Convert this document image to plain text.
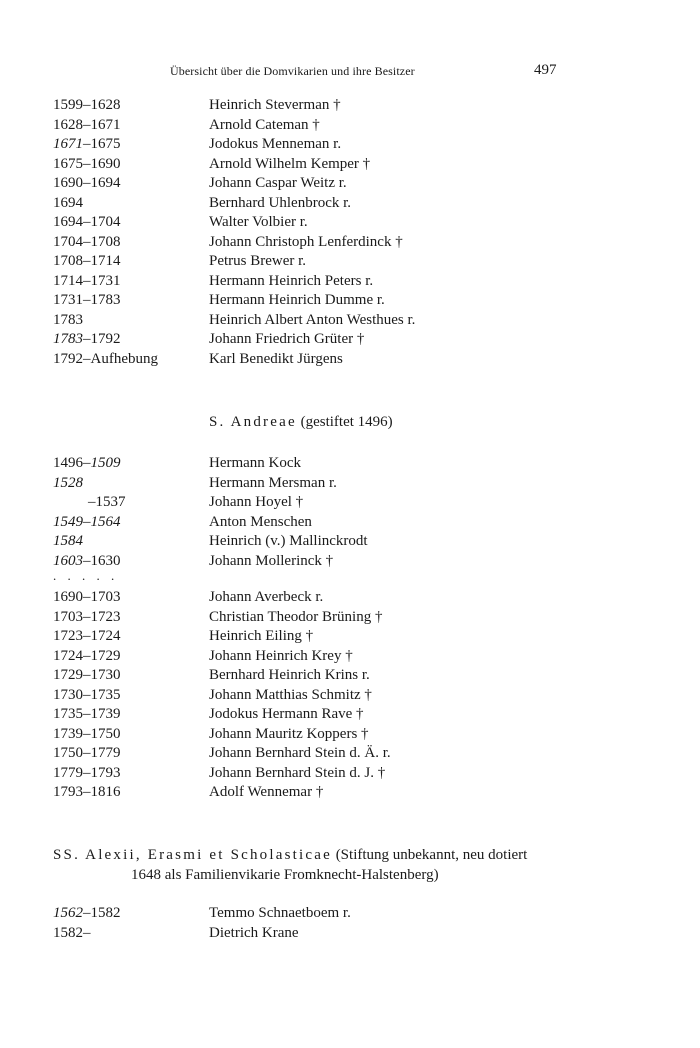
Übersicht über die Domvikarien und ihre Besitzer	497
1599–1628	Heinrich Steverman †
1628–1671	Arnold Cateman †
1671–1675	Jodokus Menneman r.
1675–1690	Arnold Wilhelm Kemper †
1690–1694	Johann Caspar Weitz r.
1694	Bernhard Uhlenbrock r.
1694–1704	Walter Volbier r.
1704–1708	Johann Christoph Lenferdinck †
1708–1714	Petrus Brewer r.
1714–1731	Hermann Heinrich Peters r.
1731–1783	Hermann Heinrich Dumme r.
1783	Heinrich Albert Anton Westhues r.
1783–1792	Johann Friedrich Grüter †
1792–Aufhebung	Karl Benedikt Jürgens
S. Andreae (gestiftet 1496)
1496–1509	Hermann Kock
1528	Hermann Mersman r.
–1537	Johann Hoyel †
1549–1564	Anton Menschen
1584	Heinrich (v.) Mallinckrodt
1603–1630	Johann Mollerinck †
. . . . .
1690–1703	Johann Averbeck r.
1703–1723	Christian Theodor Brüning †
1723–1724	Heinrich Eiling †
1724–1729	Johann Heinrich Krey †
1729–1730	Bernhard Heinrich Krins r.
1730–1735	Johann Matthias Schmitz †
1735–1739	Jodokus Hermann Rave †
1739–1750	Johann Mauritz Koppers †
1750–1779	Johann Bernhard Stein d. Ä. r.
1779–1793	Johann Bernhard Stein d. J. †
1793–1816	Adolf Wennemar †
SS. Alexii, Erasmi et Scholasticae (Stiftung unbekannt, neu dotiert
1648 als Familienvikarie Fromknecht-Halstenberg)
1562–1582	Temmo Schnaetboem r.
1582–	Dietrich Krane
